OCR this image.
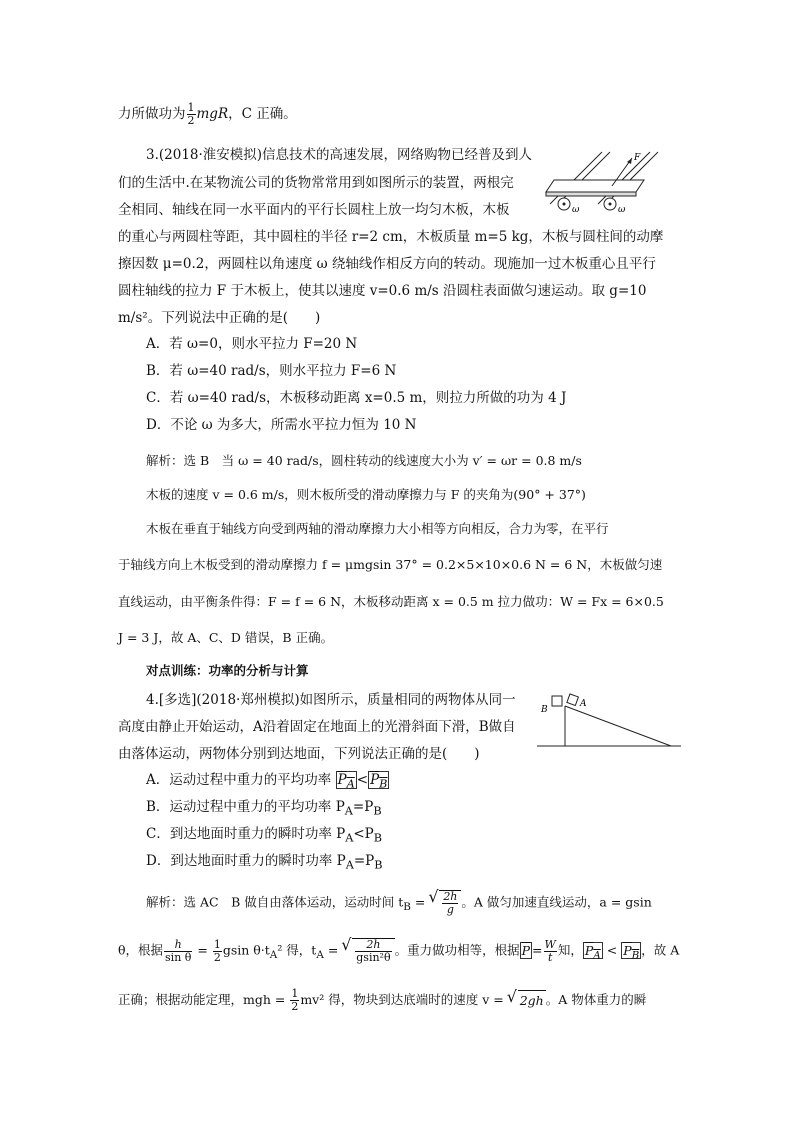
力所做功为 $\frac{1}{2}$ mgR，C 正确。
3.(2018·淮安模拟)信息技术的高速发展，网络购物已经普及到人
们的生活中.在某物流公司的货物常常用到如图所示的装置，两根完
全相同、轴线在同一水平面内的平行长圆柱上放一均匀木板，木板
的重心与两圆柱等距，其中圆柱的半径 r=2 cm，木板质量 m=5 kg，木板与圆柱间的动摩
擦因数 μ=0.2，两圆柱以角速度 ω 绕轴线作相反方向的转动。现施加一过木板重心且平行
圆柱轴线的拉力 F 于木板上，使其以速度 v=0.6 m/s 沿圆柱表面做匀速运动。取 g=10
m/s²。下列说法中正确的是(　　)
F
ω	ω
A．若 ω=0，则水平拉力 F=20 N
B．若 ω=40 rad/s，则水平拉力 F=6 N
C．若 ω=40 rad/s，木板移动距离 x=0.5 m，则拉力所做的功为 4 J
D．不论 ω 为多大，所需水平拉力恒为 10 N
解析：选 B　当 ω = 40 rad/s，圆柱转动的线速度大小为 v′ = ωr = 0.8 m/s
木板的速度 v = 0.6 m/s，则木板所受的滑动摩擦力与 F 的夹角为(90° + 37°)
木板在垂直于轴线方向受到两轴的滑动摩擦力大小相等方向相反，合力为零，在平行
于轴线方向上木板受到的滑动摩擦力 f = μmgsin 37° = 0.2×5×10×0.6 N = 6 N，木板做匀速
直线运动，由平衡条件得：F = f = 6 N，木板移动距离 x = 0.5 m 拉力做功：W = Fx = 6×0.5
J = 3 J，故 A、C、D 错误，B 正确。
对点训练：功率的分析与计算
4.[多选](2018·郑州模拟)如图所示，质量相同的两物体从同一
高度由静止开始运动，A沿着固定在地面上的光滑斜面下滑，B做自
由落体运动，两物体分别到达地面，下列说法正确的是(　　)
B
A
A．运动过程中重力的平均功率 $P_A < P_B$
B．运动过程中重力的平均功率 $P_A=P_B$
C．到达地面时重力的瞬时功率 $P_A<P_B$
D．到达地面时重力的瞬时功率 $P_A=P_B$
解析：选 AC　B 做自由落体运动，运动时间 $t_B$ = √ $\frac{2h}{g}$ 。A 做匀加速直线运动，a = gsin
θ，根据 $\frac{h}{\text{sin θ}} = \frac{1}{2}$ gsin $\theta\cdot t_A^2$ 得，$t_A$ = √ $\frac{2h}{\text{gsin²θ}}$ 。重力做功相等，根据 $\overline{P} = \frac{W}{t}$ 知， $P_A < P_B$ ，故 A
正确；根据动能定理，mgh = $\frac{1}{2} mv^2$ 得，物块到达底端时的速度 v = √ 2gh 。A 物体重力的瞬
